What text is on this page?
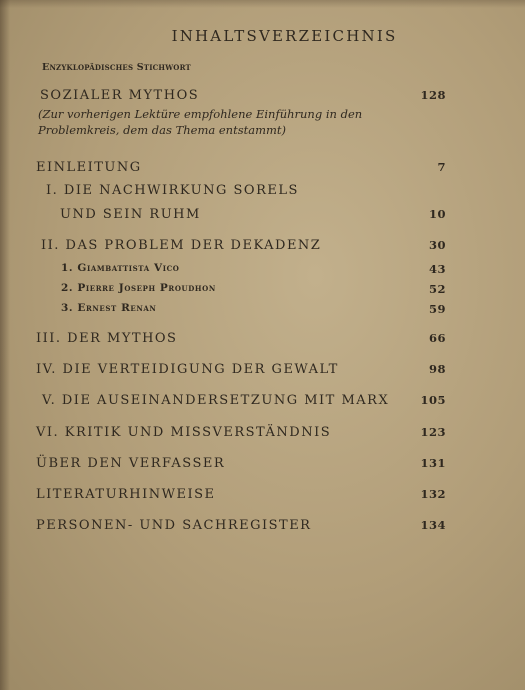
INHALTSVERZEICHNIS
Enzyklopädisches Stichwort
SOZIALER MYTHOS	128
(Zur vorherigen Lektüre empfohlene Einführung in den Problemkreis, dem das Thema entstammt)
EINLEITUNG	7
I. DIE NACHWIRKUNG SORELS
UND SEIN RUHM	10
II. DAS PROBLEM DER DEKADENZ	30
1. Giambattista Vico	43
2. Pierre Joseph Proudhon	52
3. Ernest Renan	59
III. DER MYTHOS	66
IV. DIE VERTEIDIGUNG DER GEWALT	98
V. DIE AUSEINANDERSETZUNG MIT MARX	105
VI. KRITIK UND MISSVERSTÄNDNIS	123
ÜBER DEN VERFASSER	131
LITERATURHINWEISE	132
PERSONEN- UND SACHREGISTER	134
